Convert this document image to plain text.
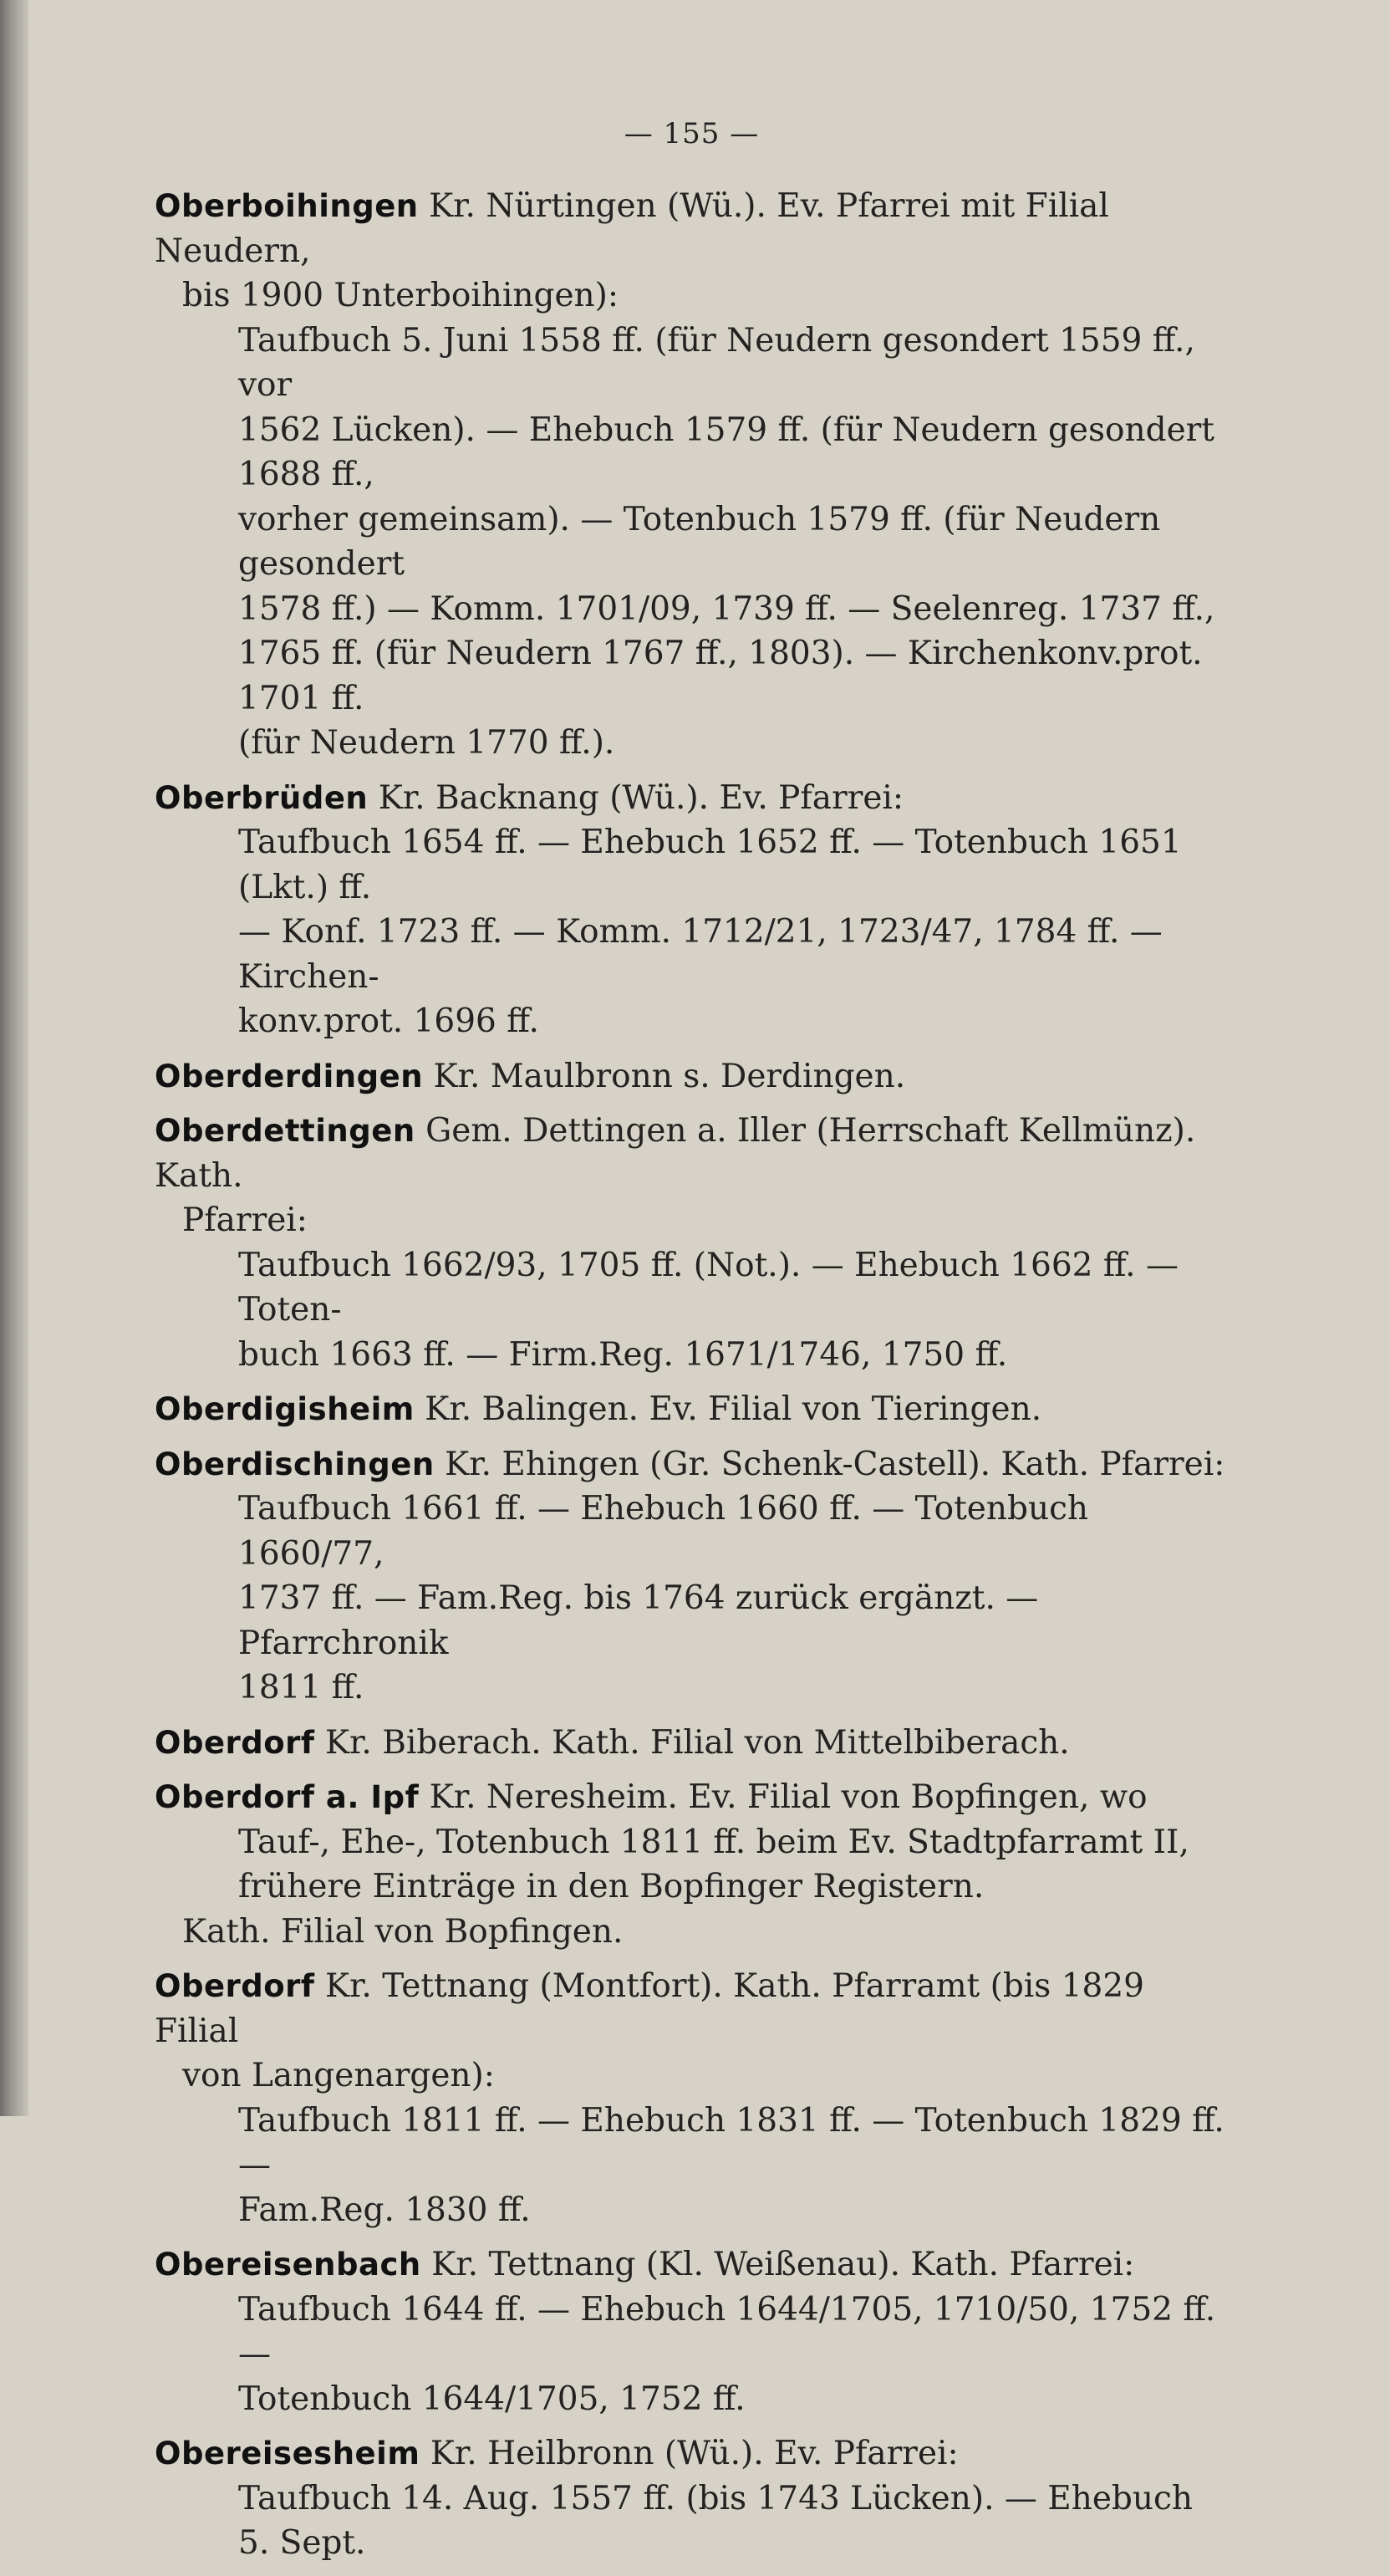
— 155 —
Oberboihingen Kr. Nürtingen (Wü.). Ev. Pfarrei mit Filial Neudern,
bis 1900 Unterboihingen):
Taufbuch 5. Juni 1558 ff. (für Neudern gesondert 1559 ff., vor
1562 Lücken). — Ehebuch 1579 ff. (für Neudern gesondert 1688 ff.,
vorher gemeinsam). — Totenbuch 1579 ff. (für Neudern gesondert
1578 ff.) — Komm. 1701/09, 1739 ff. — Seelenreg. 1737 ff.,
1765 ff. (für Neudern 1767 ff., 1803). — Kirchenkonv.prot. 1701 ff.
(für Neudern 1770 ff.).
Oberbrüden Kr. Backnang (Wü.). Ev. Pfarrei:
Taufbuch 1654 ff. — Ehebuch 1652 ff. — Totenbuch 1651 (Lkt.) ff.
— Konf. 1723 ff. — Komm. 1712/21, 1723/47, 1784 ff. — Kirchen-
konv.prot. 1696 ff.
Oberderdingen Kr. Maulbronn s. Derdingen.
Oberdettingen Gem. Dettingen a. Iller (Herrschaft Kellmünz). Kath.
Pfarrei:
Taufbuch 1662/93, 1705 ff. (Not.). — Ehebuch 1662 ff. — Toten-
buch 1663 ff. — Firm.Reg. 1671/1746, 1750 ff.
Oberdigisheim Kr. Balingen. Ev. Filial von Tieringen.
Oberdischingen Kr. Ehingen (Gr. Schenk-Castell). Kath. Pfarrei:
Taufbuch 1661 ff. — Ehebuch 1660 ff. — Totenbuch 1660/77,
1737 ff. — Fam.Reg. bis 1764 zurück ergänzt. — Pfarrchronik
1811 ff.
Oberdorf Kr. Biberach. Kath. Filial von Mittelbiberach.
Oberdorf a. Ipf Kr. Neresheim. Ev. Filial von Bopfingen, wo
Tauf-, Ehe-, Totenbuch 1811 ff. beim Ev. Stadtpfarramt II,
frühere Einträge in den Bopfinger Registern.
Kath. Filial von Bopfingen.
Oberdorf Kr. Tettnang (Montfort). Kath. Pfarramt (bis 1829 Filial
von Langenargen):
Taufbuch 1811 ff. — Ehebuch 1831 ff. — Totenbuch 1829 ff. —
Fam.Reg. 1830 ff.
Obereisenbach Kr. Tettnang (Kl. Weißenau). Kath. Pfarrei:
Taufbuch 1644 ff. — Ehebuch 1644/1705, 1710/50, 1752 ff. —
Totenbuch 1644/1705, 1752 ff.
Obereisesheim Kr. Heilbronn (Wü.). Ev. Pfarrei:
Taufbuch 14. Aug. 1557 ff. (bis 1743 Lücken). — Ehebuch 5. Sept.
